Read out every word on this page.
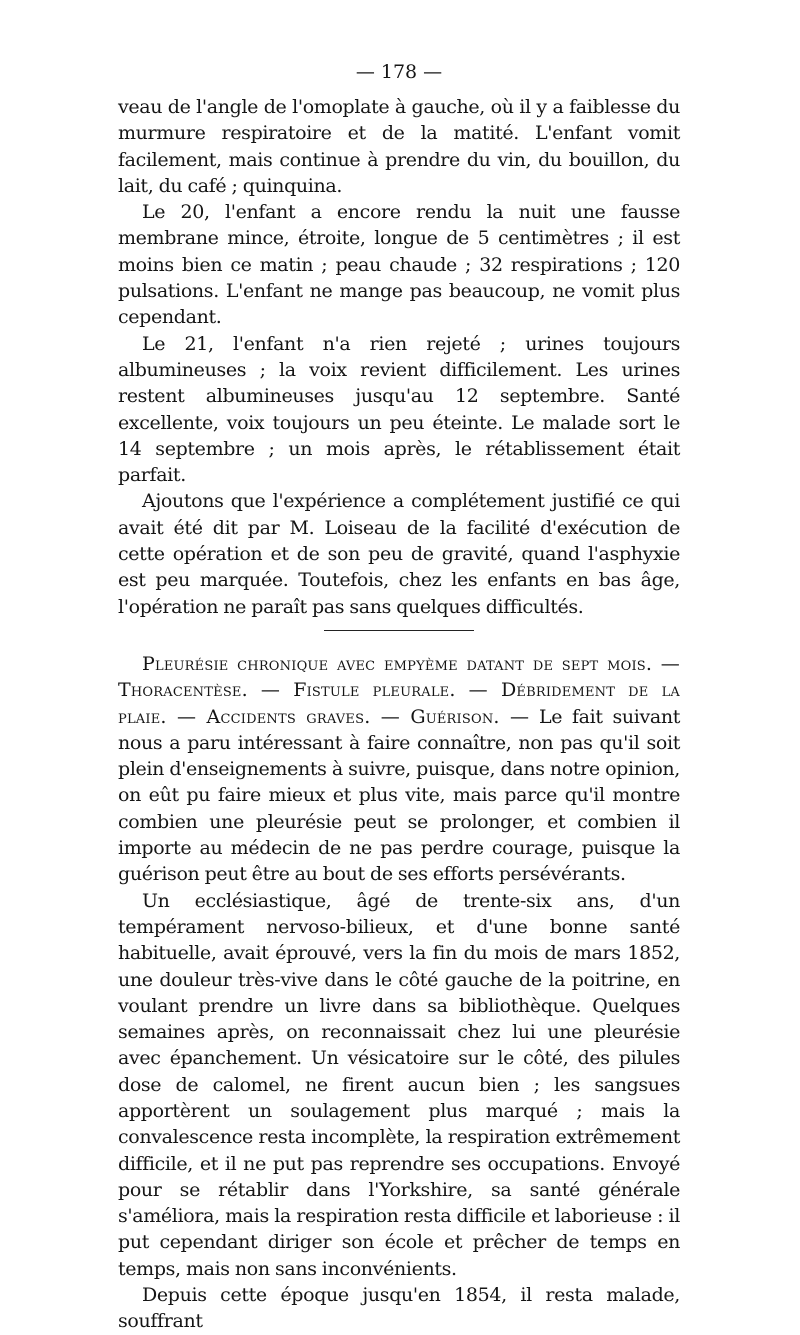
— 178 —

veau de l'angle de l'omoplate à gauche, où il y a faiblesse du murmure respiratoire et de la matité. L'enfant vomit facilement, mais continue à prendre du vin, du bouillon, du lait, du café ; quinquina.

Le 20, l'enfant a encore rendu la nuit une fausse membrane mince, étroite, longue de 5 centimètres ; il est moins bien ce matin ; peau chaude ; 32 respirations ; 120 pulsations. L'enfant ne mange pas beaucoup, ne vomit plus cependant.

Le 21, l'enfant n'a rien rejeté ; urines toujours albumineuses ; la voix revient difficilement. Les urines restent albumineuses jusqu'au 12 septembre. Santé excellente, voix toujours un peu éteinte. Le malade sort le 14 septembre ; un mois après, le rétablissement était parfait.

Ajoutons que l'expérience a complétement justifié ce qui avait été dit par M. Loiseau de la facilité d'exécution de cette opération et de son peu de gravité, quand l'asphyxie est peu marquée. Toutefois, chez les enfants en bas âge, l'opération ne paraît pas sans quelques difficultés.

Pleurésie chronique avec empyème datant de sept mois. — Thoracentèse. — Fistule pleurale. — Débridement de la plaie. — Accidents graves. — Guérison. — Le fait suivant nous a paru intéressant à faire connaître, non pas qu'il soit plein d'enseignements à suivre, puisque, dans notre opinion, on eût pu faire mieux et plus vite, mais parce qu'il montre combien une pleurésie peut se prolonger, et combien il importe au médecin de ne pas perdre courage, puisque la guérison peut être au bout de ses efforts persévérants.

Un ecclésiastique, âgé de trente-six ans, d'un tempérament nervoso-bilieux, et d'une bonne santé habituelle, avait éprouvé, vers la fin du mois de mars 1852, une douleur très-vive dans le côté gauche de la poitrine, en voulant prendre un livre dans sa bibliothèque. Quelques semaines après, on reconnaissait chez lui une pleurésie avec épanchement. Un vésicatoire sur le côté, des pilules dose de calomel, ne firent aucun bien ; les sangsues apportèrent un soulagement plus marqué ; mais la convalescence resta incomplète, la respiration extrêmement difficile, et il ne put pas reprendre ses occupations. Envoyé pour se rétablir dans l'Yorkshire, sa santé générale s'améliora, mais la respiration resta difficile et laborieuse : il put cependant diriger son école et prêcher de temps en temps, mais non sans inconvénients.

Depuis cette époque jusqu'en 1854, il resta malade, souffrant
